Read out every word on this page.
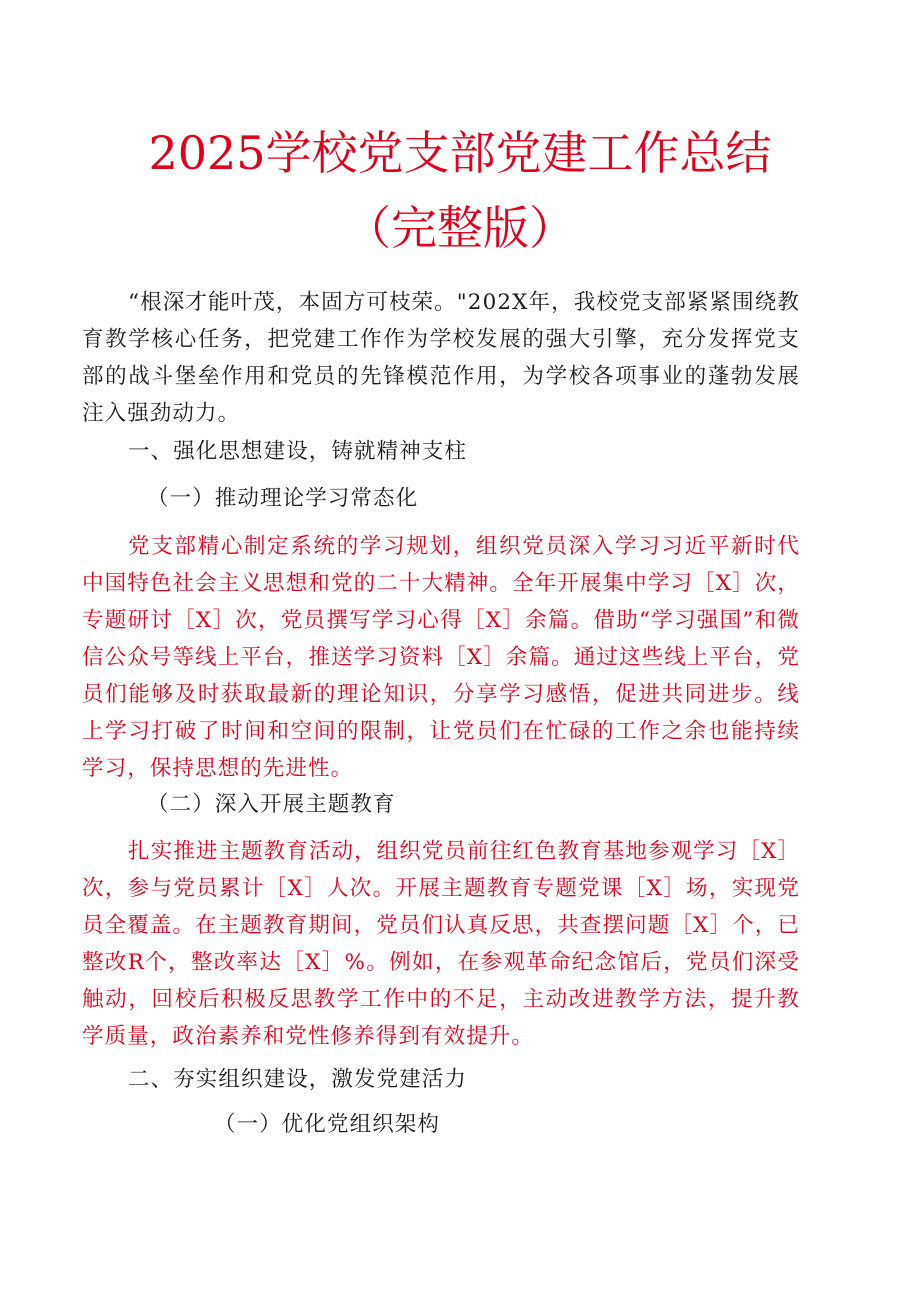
2025学校党支部党建工作总结
（完整版）

“根深才能叶茂，本固方可枝荣。"202X年，我校党支部紧紧围绕教育教学核心任务，把党建工作作为学校发展的强大引擎，充分发挥党支部的战斗堡垒作用和党员的先锋模范作用，为学校各项事业的蓬勃发展注入强劲动力。

一、强化思想建设，铸就精神支柱

（一）推动理论学习常态化

党支部精心制定系统的学习规划，组织党员深入学习习近平新时代中国特色社会主义思想和党的二十大精神。全年开展集中学习［X］次，专题研讨［X］次，党员撰写学习心得［X］余篇。借助“学习强国”和微信公众号等线上平台，推送学习资料［X］余篇。通过这些线上平台，党员们能够及时获取最新的理论知识，分享学习感悟，促进共同进步。线上学习打破了时间和空间的限制，让党员们在忙碌的工作之余也能持续学习，保持思想的先进性。

（二）深入开展主题教育

扎实推进主题教育活动，组织党员前往红色教育基地参观学习［X］次，参与党员累计［X］人次。开展主题教育专题党课［X］场，实现党员全覆盖。在主题教育期间，党员们认真反思，共查摆问题［X］个，已整改R个，整改率达［X］%。例如，在参观革命纪念馆后，党员们深受触动，回校后积极反思教学工作中的不足，主动改进教学方法，提升教学质量，政治素养和党性修养得到有效提升。

二、夯实组织建设，激发党建活力

（一）优化党组织架构
